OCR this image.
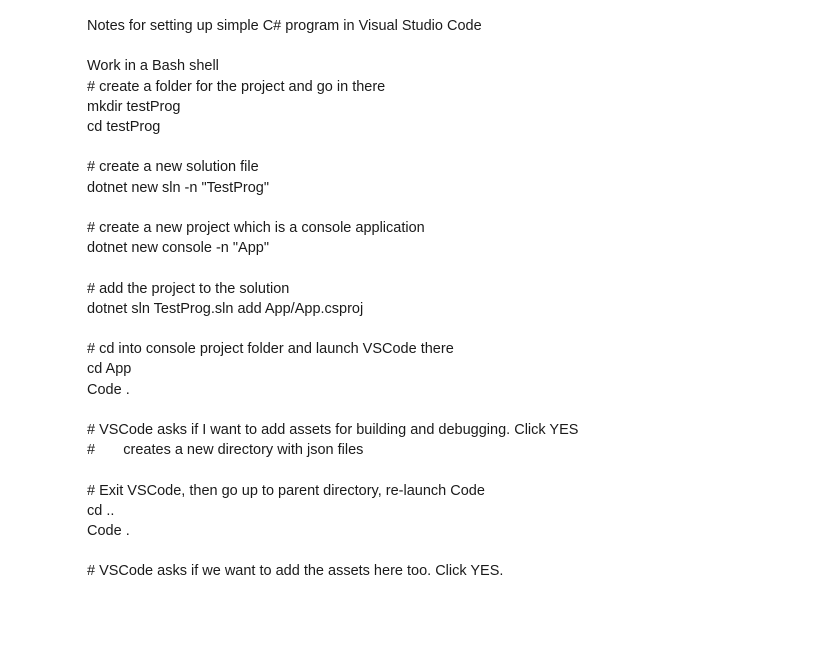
Notes for setting up simple C# program in Visual Studio Code
Work in a Bash shell
# create a folder for the project and go in there
mkdir testProg
cd testProg
# create a new solution file
dotnet new sln -n "TestProg"
# create a new project which is a console application
dotnet new console -n "App"
# add the project to the solution
dotnet sln TestProg.sln add App/App.csproj
# cd into console project folder and launch VSCode there
cd App
Code .
# VSCode asks if I want to add assets for building and debugging. Click YES
#       creates a new directory with json files
# Exit VSCode, then go up to parent directory, re-launch Code
cd ..
Code .
# VSCode asks if we want to add the assets here too. Click YES.
